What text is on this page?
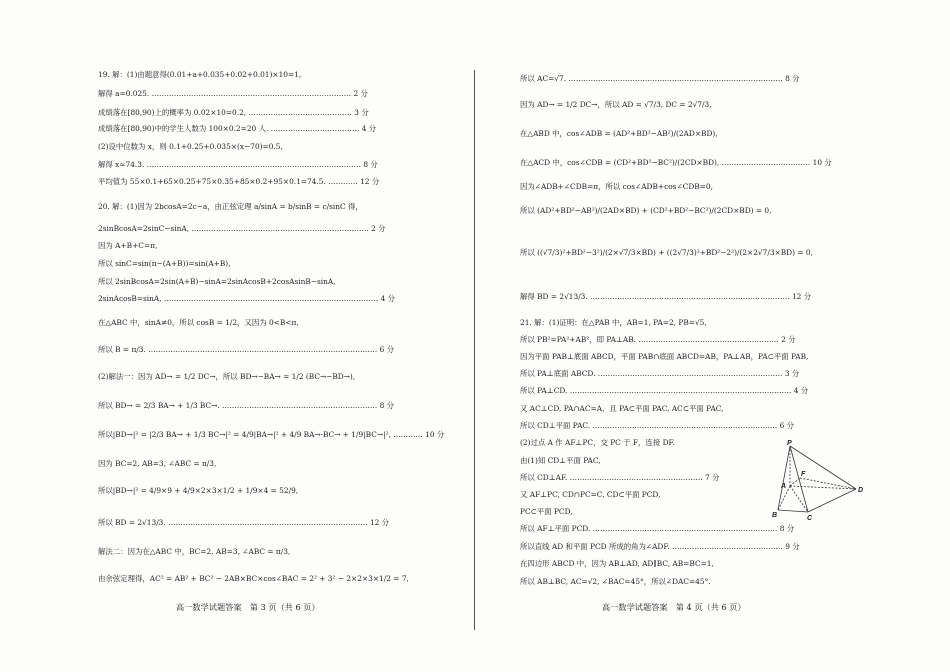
19. 解：(1)由题意得(0.01+a+0.035+0.02+0.01)×10=1,
解得 a=0.025. ……………………………………………………………………… 2 分
成绩落在[80,90)上的概率为 0.02×10=0.2, …………………………………… 3 分
成绩落在[80,90)中的学生人数为 100×0.2=20 人. ……………………………… 4 分
(2)设中位数为 x，则 0.1+0.25+0.035×(x−70)=0.5,
解得 x≈74.3. …………………………………………………………………………… 8 分
平均值为 55×0.1+65×0.25+75×0.35+85×0.2+95×0.1=74.5. ………… 12 分
20. 解：(1)因为 2bcosA=2c−a，由正弦定理 a/sinA = b/sinB = c/sinC 得，
2sinBcosA=2sinC−sinA, ……………………………………………………………… 2 分
因为 A+B+C=π,
所以 sinC=sin(π−(A+B))=sin(A+B),
所以 2sinBcosA=2sin(A+B)−sinA=2sinAcosB+2cosAsinB−sinA,
2sinAcosB=sinA, …………………………………………………………………………… 4 分
在△ABC 中，sinA≠0，所以 cosB = 1/2，又因为 0<B<π,
所以 B = π/3. ………………………………………………………………………………… 6 分
(2)解法一：因为 AD→ = 1/2 DC→，所以 BD→−BA→ = 1/2 (BC→−BD→),
所以 BD→ = 2/3 BA→ + 1/3 BC→. ……………………………………………………… 8 分
所以|BD→|² = |2/3 BA→ + 1/3 BC→|² = 4/9|BA→|² + 4/9 BA→·BC→ + 1/9|BC→|², ………… 10 分
因为 BC=2, AB=3, ∠ABC = π/3,
所以|BD→|² = 4/9×9 + 4/9×2×3×1/2 + 1/9×4 = 52/9,
所以 BD = 2√13/3. ……………………………………………………………………… 12 分
解法二：因为在△ABC 中，BC=2, AB=3, ∠ABC = π/3,
由余弦定理得，AC² = AB² + BC² − 2AB×BC×cos∠BAC = 2² + 3² − 2×2×3×1/2 = 7,
所以 AC=√7. …………………………………………………………………………… 8 分
因为 AD→ = 1/2 DC→，所以 AD = √7/3, DC = 2√7/3,
在△ABD 中，cos∠ADB = (AD²+BD²−AB²)/(2AD×BD),
在△ACD 中，cos∠CDB = (CD²+BD²−BC²)/(2CD×BD), ……………………………… 10 分
因为∠ADB+∠CDB=π，所以 cos∠ADB+cos∠CDB=0,
所以 (AD²+BD²−AB²)/(2AD×BD) + (CD²+BD²−BC²)/(2CD×BD) = 0,
所以 ((√7/3)²+BD²−3²)/(2×√7/3×BD) + ((2√7/3)²+BD²−2²)/(2×2√7/3×BD) = 0,
解得 BD = 2√13/3. ……………………………………………………………………… 12 分
21. 解：(1)证明：在△PAB 中，AB=1, PA=2, PB=√5,
所以 PB²=PA²+AB²，即 PA⊥AB. ………………………………………………… 2 分
因为平面 PAB⊥底面 ABCD，平面 PAB∩底面 ABCD=AB，PA⊥AB，PA⊂平面 PAB,
所以 PA⊥底面 ABCD. ………………………………………………………………… 3 分
所以 PA⊥CD. ……………………………………………………………………………… 4 分
又 AC⊥CD, PA∩AC=A，且 PA⊂平面 PAC, AC⊂平面 PAC,
所以 CD⊥平面 PAC. ………………………………………………………………… 6 分
(2)过点 A 作 AF⊥PC，交 PC 于 F，连接 DF.
由(1)知 CD⊥平面 PAC,
所以 CD⊥AF. ……………………………………………… 7 分
又 AF⊥PC, CD∩PC=C, CD⊂平面 PCD,
PC⊂平面 PCD,
所以 AF⊥平面 PCD. ………………………………………………………………… 8 分
所以直线 AD 和平面 PCD 所成的角为∠ADF. ……………………………………… 9 分
在四边形 ABCD 中，因为 AB⊥AD, AD∥BC, AB=BC=1,
所以 AB⊥BC, AC=√2, ∠BAC=45°，所以∠DAC=45°.
高一数学试题答案　第 3 页（共 6 页）	高一数学试题答案　第 4 页（共 6 页）
P
A
B	C
D
F
